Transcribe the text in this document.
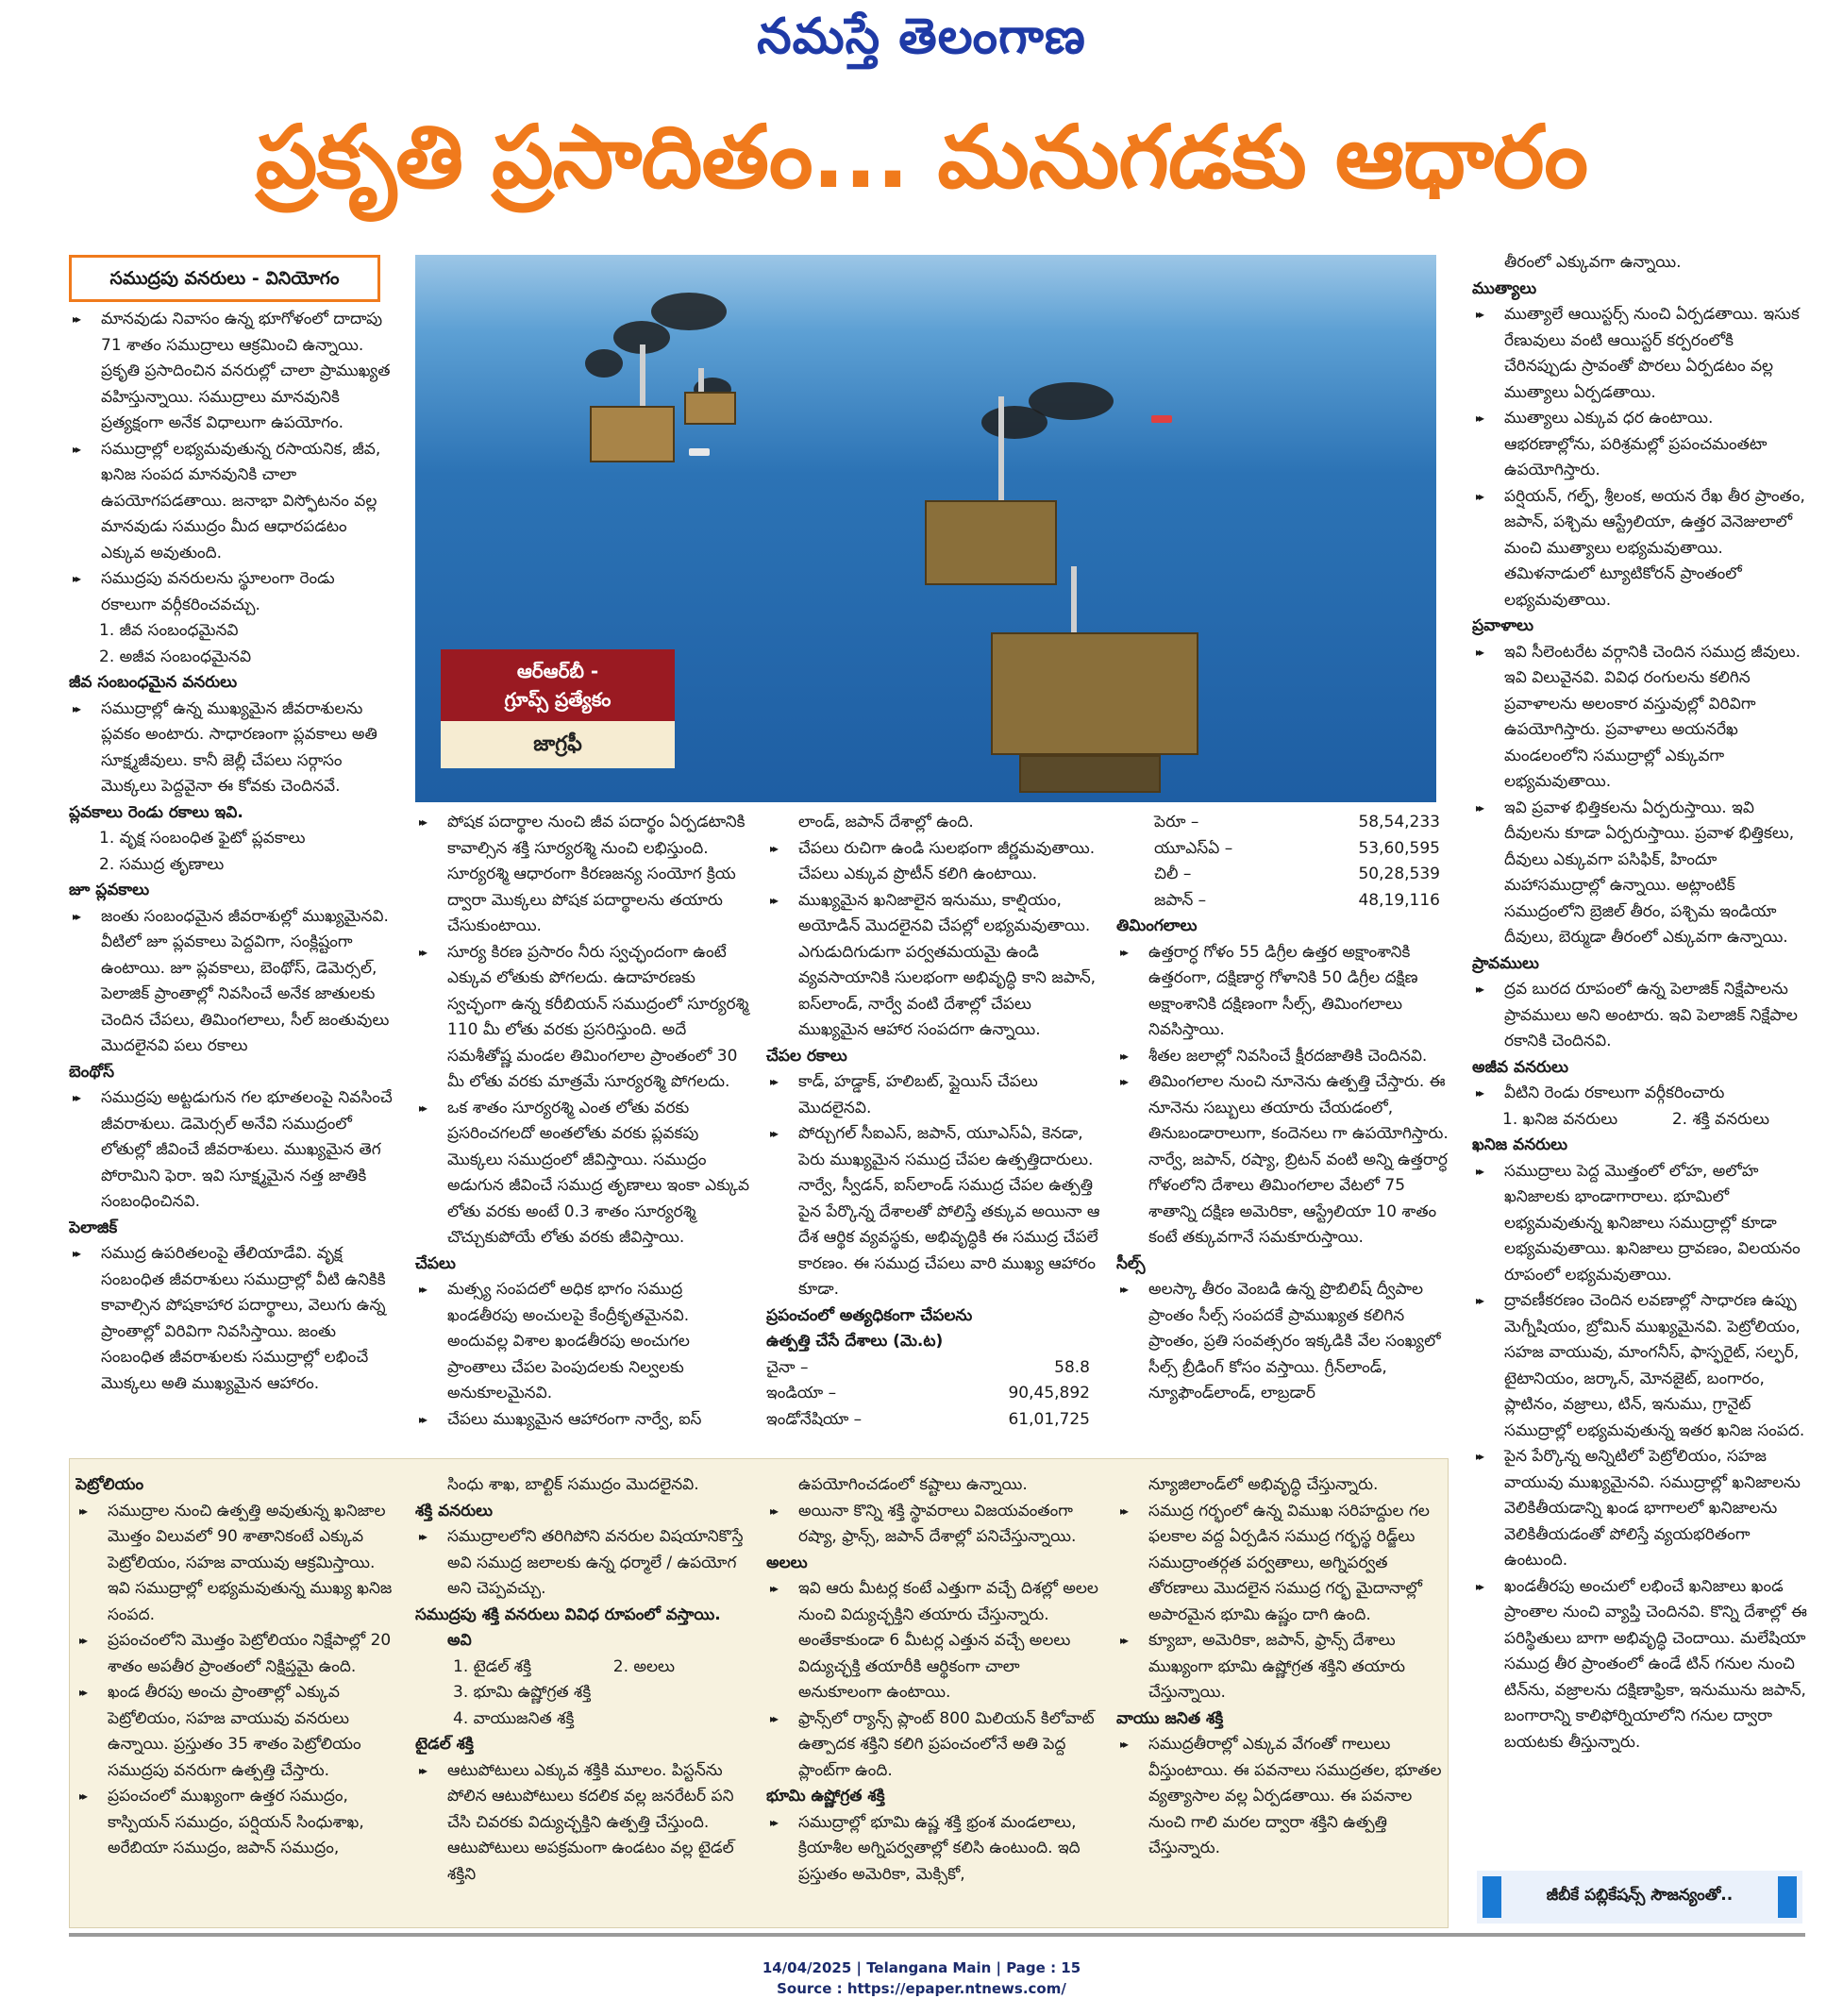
నమస్తే తెలంగాణ
ప్రకృతి ప్రసాదితం... మనుగడకు ఆధారం
సముద్రపు వనరులు - వినియోగం
ఆర్ఆర్‌బీ -
గ్రూప్స్ ప్రత్యేకం
జాగ్రఫీ
▸▸ మానవుడు నివాసం ఉన్న భూగోళంలో దాదాపు 71 శాతం సముద్రాలు ఆక్రమించి ఉన్నాయి. ప్రకృతి ప్రసాదించిన వనరుల్లో చాలా ప్రాముఖ్యత వహిస్తున్నాయి. సముద్రాలు మానవునికి ప్రత్యక్షంగా అనేక విధాలుగా ఉపయోగం.
▸▸ సముద్రాల్లో లభ్యమవుతున్న రసాయనిక, జీవ, ఖనిజ సంపద మానవునికి చాలా ఉపయోగపడతాయి. జనాభా విస్ఫోటనం వల్ల మానవుడు సముద్రం మీద ఆధారపడటం ఎక్కువ అవుతుంది.
▸▸ సముద్రపు వనరులను స్థూలంగా రెండు రకాలుగా వర్గీకరించవచ్చు.
1. జీవ సంబంధమైనవి
2. అజీవ సంబంధమైనవి
జీవ సంబంధమైన వనరులు
▸▸ సముద్రాల్లో ఉన్న ముఖ్యమైన జీవరాశులను ప్లవకం అంటారు. సాధారణంగా ప్లవకాలు అతి సూక్ష్మజీవులు. కానీ జెల్లీ చేపలు సర్గాసం మొక్కలు పెద్దవైనా ఈ కోవకు చెందినవే.
ప్లవకాలు రెండు రకాలు ఇవి.
1. వృక్ష సంబంధిత ఫైటో ప్లవకాలు
2. సముద్ర తృణాలు
జూ ప్లవకాలు
▸▸ జంతు సంబంధమైన జీవరాశుల్లో ముఖ్యమైనవి. వీటిలో జూ ప్లవకాలు పెద్దవిగా, సంక్లిష్టంగా ఉంటాయి. జూ ప్లవకాలు, బెంథోస్, డెమెర్సల్, పెలాజిక్ ప్రాంతాల్లో నివసించే అనేక జాతులకు చెందిన చేపలు, తిమింగలాలు, సీల్ జంతువులు మొదలైనవి పలు రకాలు
బెంథోస్
▸▸ సముద్రపు అట్టడుగున గల భూతలంపై నివసించే జీవరాశులు. డెమెర్సల్ అనేవి సముద్రంలో లోతుల్లో జీవించే జీవరాశులు. ముఖ్యమైన తెగ పోరామిని ఫెరా. ఇవి సూక్ష్మమైన నత్త జాతికి సంబంధించినవి.
పెలాజిక్
▸▸ సముద్ర ఉపరితలంపై తేలియాడేవి. వృక్ష సంబంధిత జీవరాశులు సముద్రాల్లో వీటి ఉనికికి కావాల్సిన పోషకాహార పదార్థాలు, వెలుగు ఉన్న ప్రాంతాల్లో విరివిగా నివసిస్తాయి. జంతు సంబంధిత జీవరాశులకు సముద్రాల్లో లభించే మొక్కలు అతి ముఖ్యమైన ఆహారం.
▸▸ పోషక పదార్థాల నుంచి జీవ పదార్థం ఏర్పడటానికి కావాల్సిన శక్తి సూర్యరశ్మి నుంచి లభిస్తుంది. సూర్యరశ్మి ఆధారంగా కిరణజన్య సంయోగ క్రియ ద్వారా మొక్కలు పోషక పదార్థాలను తయారు చేసుకుంటాయి.
▸▸ సూర్య కిరణ ప్రసారం నీరు స్వచ్ఛందంగా ఉంటే ఎక్కువ లోతుకు పోగలదు. ఉదాహరణకు స్వచ్ఛంగా ఉన్న కరీబియన్ సముద్రంలో సూర్యరశ్మి 110 మీ లోతు వరకు ప్రసరిస్తుంది. అదే సమశీతోష్ణ మండల తిమింగలాల ప్రాంతంలో 30 మీ లోతు వరకు మాత్రమే సూర్యరశ్మి పోగలదు.
▸▸ ఒక శాతం సూర్యరశ్మి ఎంత లోతు వరకు ప్రసరించగలదో అంతలోతు వరకు ప్లవకపు మొక్కలు సముద్రంలో జీవిస్తాయి. సముద్రం అడుగున జీవించే సముద్ర తృణాలు ఇంకా ఎక్కువ లోతు వరకు అంటే 0.3 శాతం సూర్యరశ్మి చొచ్చుకుపోయే లోతు వరకు జీవిస్తాయి.
చేపలు
▸▸ మత్స్య సంపదలో అధిక భాగం సముద్ర ఖండతీరపు అంచులపై కేంద్రీకృతమైనవి. అందువల్ల విశాల ఖండతీరపు అంచుగల ప్రాంతాలు చేపల పెంపుదలకు నిల్వలకు అనుకూలమైనవి.
▸▸ చేపలు ముఖ్యమైన ఆహారంగా నార్వే, ఐస్
లాండ్, జపాన్ దేశాల్లో ఉంది.
▸▸ చేపలు రుచిగా ఉండి సులభంగా జీర్ణమవుతాయి. చేపలు ఎక్కువ ప్రొటీన్ కలిగి ఉంటాయి.
▸▸ ముఖ్యమైన ఖనిజాలైన ఇనుము, కాల్షియం, అయోడిన్ మొదలైనవి చేపల్లో లభ్యమవుతాయి. ఎగుడుదిగుడుగా పర్వతమయమై ఉండి వ్యవసాయానికి సులభంగా అభివృద్ధి కాని జపాన్, ఐస్‌లాండ్, నార్వే వంటి దేశాల్లో చేపలు ముఖ్యమైన ఆహార సంపదగా ఉన్నాయి.
చేపల రకాలు
▸▸ కాడ్, హడ్డాక్, హలిబట్, ప్లైయిస్ చేపలు మొదలైనవి.
▸▸ పోర్చుగల్ సీఐఎస్, జపాన్, యూఎస్ఏ, కెనడా, పెరు ముఖ్యమైన సముద్ర చేపల ఉత్పత్తిదారులు. నార్వే, స్వీడన్, ఐస్‌లాండ్ సముద్ర చేపల ఉత్పత్తి పైన పేర్కొన్న దేశాలతో పోలిస్తే తక్కువ అయినా ఆ దేశ ఆర్థిక వ్యవస్థకు, అభివృద్ధికి ఈ సముద్ర చేపలే కారణం. ఈ సముద్ర చేపలు వారి ముఖ్య ఆహారం కూడా.
ప్రపంచంలో అత్యధికంగా చేపలను
ఉత్పత్తి చేసే దేశాలు (మె.ట)
చైనా –	58.8
ఇండియా –	90,45,892
ఇండోనేషియా –	61,01,725
పెరూ –	58,54,233
యూఎస్ఏ –	53,60,595
చిలీ –	50,28,539
జపాన్ –	48,19,116
తిమింగలాలు
▸▸ ఉత్తరార్ధ గోళం 55 డిగ్రీల ఉత్తర అక్షాంశానికి ఉత్తరంగా, దక్షిణార్ధ గోళానికి 50 డిగ్రీల దక్షిణ అక్షాంశానికి దక్షిణంగా సీల్స్, తిమింగలాలు నివసిస్తాయి.
▸▸ శీతల జలాల్లో నివసించే క్షీరదజాతికి చెందినవి.
▸▸ తిమింగలాల నుంచి నూనెను ఉత్పత్తి చేస్తారు. ఈ నూనెను సబ్బులు తయారు చేయడంలో, తినుబండారాలుగా, కందెనలు గా ఉపయోగిస్తారు. నార్వే, జపాన్, రష్యా, బ్రిటన్ వంటి అన్ని ఉత్తరార్ధ గోళంలోని దేశాలు తిమింగలాల వేటలో 75 శాతాన్ని దక్షిణ అమెరికా, ఆస్ట్రేలియా 10 శాతం కంటే తక్కువగానే సమకూరుస్తాయి.
సీల్స్
▸▸ అలస్కా తీరం వెంబడి ఉన్న ప్రొబిలిష్ ద్వీపాల ప్రాంతం సీల్స్ సంపదకే ప్రాముఖ్యత కలిగిన ప్రాంతం, ప్రతి సంవత్సరం ఇక్కడికి వేల సంఖ్యలో సీల్స్ బ్రీడింగ్ కోసం వస్తాయి. గ్రీన్‌లాండ్, న్యూఫౌండ్‌లాండ్, లాబ్రడార్
తీరంలో ఎక్కువగా ఉన్నాయి.
ముత్యాలు
▸▸ ముత్యాలే ఆయిస్టర్స్ నుంచి ఏర్పడతాయి. ఇసుక రేణువులు వంటి ఆయిస్టర్ కర్పరంలోకి చేరినప్పుడు స్రావంతో పొరలు ఏర్పడటం వల్ల ముత్యాలు ఏర్పడతాయి.
▸▸ ముత్యాలు ఎక్కువ ధర ఉంటాయి. ఆభరణాల్లోను, పరిశ్రమల్లో ప్రపంచమంతటా ఉపయోగిస్తారు.
▸▸ పర్షియన్, గల్ఫ్, శ్రీలంక, అయన రేఖ తీర ప్రాంతం, జపాన్, పశ్చిమ ఆస్ట్రేలియా, ఉత్తర వెనెజులాలో మంచి ముత్యాలు లభ్యమవుతాయి. తమిళనాడులో ట్యూటికోరన్ ప్రాంతంలో లభ్యమవుతాయి.
ప్రవాళాలు
▸▸ ఇవి సీలెంటరేట వర్గానికి చెందిన సముద్ర జీవులు. ఇవి విలువైనవి. వివిధ రంగులను కలిగిన ప్రవాళాలను అలంకార వస్తువుల్లో విరివిగా ఉపయోగిస్తారు. ప్రవాళాలు అయనరేఖ మండలంలోని సముద్రాల్లో ఎక్కువగా లభ్యమవుతాయి.
▸▸ ఇవి ప్రవాళ భిత్తికలను ఏర్పరుస్తాయి. ఇవి దీవులను కూడా ఏర్పరుస్తాయి. ప్రవాళ భిత్తికలు, దీవులు ఎక్కువగా పసిఫిక్, హిందూ మహాసముద్రాల్లో ఉన్నాయి. అట్లాంటిక్ సముద్రంలోని బ్రెజిల్ తీరం, పశ్చిమ ఇండియా దీవులు, బెర్ముడా తీరంలో ఎక్కువగా ఉన్నాయి.
ప్రావములు
▸▸ ద్రవ బురద రూపంలో ఉన్న పెలాజిక్ నిక్షేపాలను ప్రావములు అని అంటారు. ఇవి పెలాజిక్ నిక్షేపాల రకానికి చెందినవి.
అజీవ వనరులు
▸▸ వీటిని రెండు రకాలుగా వర్గీకరించారు
1. ఖనిజ వనరులు	2. శక్తి వనరులు
ఖనిజ వనరులు
▸▸ సముద్రాలు పెద్ద మొత్తంలో లోహ, అలోహ ఖనిజాలకు భాండాగారాలు. భూమిలో లభ్యమవుతున్న ఖనిజాలు సముద్రాల్లో కూడా లభ్యమవుతాయి. ఖనిజాలు ద్రావణం, విలయనం రూపంలో లభ్యమవుతాయి.
▸▸ ద్రావణీకరణం చెందిన లవణాల్లో సాధారణ ఉప్పు మెగ్నీషియం, బ్రోమిన్ ముఖ్యమైనవి. పెట్రోలియం, సహజ వాయువు, మాంగనీస్, ఫాస్ఫరైట్, సల్ఫర్, టైటానియం, జర్కాన్, మోనజైట్, బంగారం, ప్లాటినం, వజ్రాలు, టిన్, ఇనుము, గ్రానైట్ సముద్రాల్లో లభ్యమవుతున్న ఇతర ఖనిజ సంపద.
▸▸ పైన పేర్కొన్న అన్నిటిలో పెట్రోలియం, సహజ వాయువు ముఖ్యమైనవి. సముద్రాల్లో ఖనిజాలను వెలికితీయడాన్ని ఖండ భాగాలలో ఖనిజాలను వెలికితీయడంతో పోలిస్తే వ్యయభరితంగా ఉంటుంది.
▸▸ ఖండతీరపు అంచులో లభించే ఖనిజాలు ఖండ ప్రాంతాల నుంచి వ్యాప్తి చెందినవి. కొన్ని దేశాల్లో ఈ పరిస్థితులు బాగా అభివృద్ధి చెందాయి. మలేషియా సముద్ర తీర ప్రాంతంలో ఉండే టిన్ గనుల నుంచి టిన్‌ను, వజ్రాలను దక్షిణాఫ్రికా, ఇనుమును జపాన్, బంగారాన్ని కాలిఫోర్నియాలోని గనుల ద్వారా బయటకు తీస్తున్నారు.
పెట్రోలియం
▸▸ సముద్రాల నుంచి ఉత్పత్తి అవుతున్న ఖనిజాల మొత్తం విలువలో 90 శాతానికంటే ఎక్కువ పెట్రోలియం, సహజ వాయువు ఆక్రమిస్తాయి. ఇవి సముద్రాల్లో లభ్యమవుతున్న ముఖ్య ఖనిజ సంపద.
▸▸ ప్రపంచంలోని మొత్తం పెట్రోలియం నిక్షేపాల్లో 20 శాతం అపతీర ప్రాంతంలో నిక్షిప్తమై ఉంది.
▸▸ ఖండ తీరపు అంచు ప్రాంతాల్లో ఎక్కువ పెట్రోలియం, సహజ వాయువు వనరులు ఉన్నాయి. ప్రస్తుతం 35 శాతం పెట్రోలియం సముద్రపు వనరుగా ఉత్పత్తి చేస్తారు.
▸▸ ప్రపంచంలో ముఖ్యంగా ఉత్తర సముద్రం, కాస్పియన్ సముద్రం, పర్షియన్ సింధుశాఖ, అరేబియా సముద్రం, జపాన్ సముద్రం,
సింధు శాఖ, బాల్టిక్ సముద్రం మొదలైనవి.
శక్తి వనరులు
▸▸ సముద్రాలలోని తరిగిపోని వనరుల విషయానికొస్తే అవి సముద్ర జలాలకు ఉన్న ధర్మాలే / ఉపయోగ అని చెప్పవచ్చు.
సముద్రపు శక్తి వనరులు వివిధ రూపంలో వస్తాయి.
అవి
1. టైడల్ శక్తి	2. అలలు
3. భూమి ఉష్ణోగ్రత శక్తి
4. వాయుజనిత శక్తి
టైడల్ శక్తి
▸▸ ఆటుపోటులు ఎక్కువ శక్తికి మూలం. పిస్టన్‌ను పోలిన ఆటుపోటులు కదలిక వల్ల జనరేటర్ పని చేసి చివరకు విద్యుచ్ఛక్తిని ఉత్పత్తి చేస్తుంది. ఆటుపోటులు అపక్రమంగా ఉండటం వల్ల టైడల్ శక్తిని
ఉపయోగించడంలో కష్టాలు ఉన్నాయి.
▸▸ అయినా కొన్ని శక్తి స్థావరాలు విజయవంతంగా రష్యా, ఫ్రాన్స్, జపాన్ దేశాల్లో పనిచేస్తున్నాయి.
అలలు
▸▸ ఇవి ఆరు మీటర్ల కంటే ఎత్తుగా వచ్చే దిశల్లో అలల నుంచి విద్యుచ్ఛక్తిని తయారు చేస్తున్నారు. అంతేకాకుండా 6 మీటర్ల ఎత్తున వచ్చే అలలు విద్యుచ్ఛక్తి తయారీకి ఆర్థికంగా చాలా అనుకూలంగా ఉంటాయి.
▸▸ ఫ్రాన్స్‌లో ర్యాన్స్ ప్లాంట్ 800 మిలియన్ కిలోవాట్ ఉత్పాదక శక్తిని కలిగి ప్రపంచంలోనే అతి పెద్ద ప్లాంట్‌గా ఉంది.
భూమి ఉష్ణోగ్రత శక్తి
▸▸ సముద్రాల్లో భూమి ఉష్ణ శక్తి భ్రంశ మండలాలు, క్రియాశీల అగ్నిపర్వతాల్లో కలిసి ఉంటుంది. ఇది ప్రస్తుతం అమెరికా, మెక్సికో,
న్యూజిలాండ్‌లో అభివృద్ధి చేస్తున్నారు.
▸▸ సముద్ర గర్భంలో ఉన్న విముఖ సరిహద్దుల గల ఫలకాల వద్ద ఏర్పడిన సముద్ర గర్భస్థ రిడ్జ్‌లు సముద్రాంతర్గత పర్వతాలు, అగ్నిపర్వత తోరణాలు మొదలైన సముద్ర గర్భ మైదానాల్లో అపారమైన భూమి ఉష్ణం దాగి ఉంది.
▸▸ క్యూబా, అమెరికా, జపాన్, ఫ్రాన్స్ దేశాలు ముఖ్యంగా భూమి ఉష్ణోగ్రత శక్తిని తయారు చేస్తున్నాయి.
వాయు జనిత శక్తి
▸▸ సముద్రతీరాల్లో ఎక్కువ వేగంతో గాలులు వీస్తుంటాయి. ఈ పవనాలు సముద్రతల, భూతల వ్యత్యాసాల వల్ల ఏర్పడతాయి. ఈ పవనాల నుంచి గాలి మరల ద్వారా శక్తిని ఉత్పత్తి చేస్తున్నారు.
జీబీకే పబ్లికేషన్స్ సౌజన్యంతో..
14/04/2025 | Telangana Main | Page : 15
Source : https://epaper.ntnews.com/
